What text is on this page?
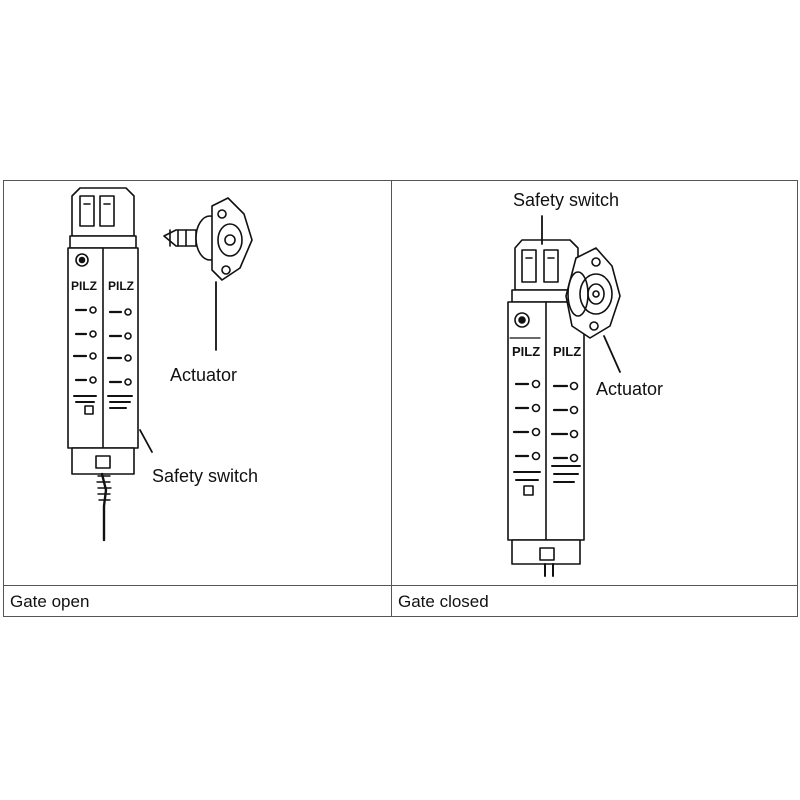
PILZ PILZ
PILZ PILZ
Actuator
Safety switch
Safety switch
Actuator
Gate open	Gate closed
